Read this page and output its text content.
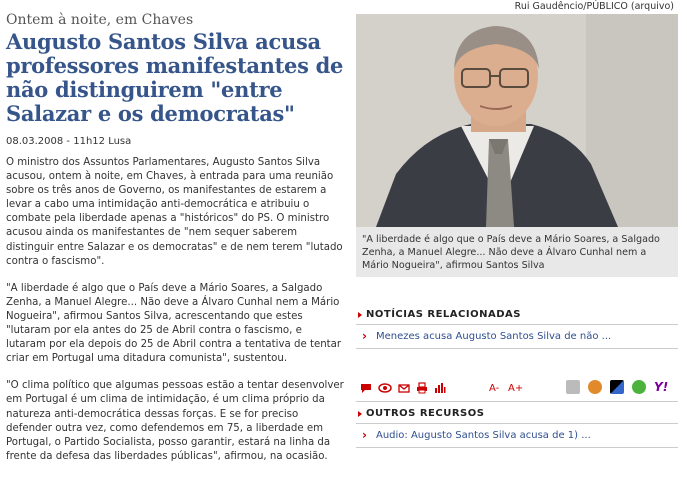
Ontem à noite, em Chaves
Augusto Santos Silva acusa professores manifestantes de não distinguirem "entre Salazar e os democratas"
08.03.2008 - 11h12 Lusa

O ministro dos Assuntos Parlamentares, Augusto Santos Silva acusou, ontem à noite, em Chaves, à entrada para uma reunião sobre os três anos de Governo, os manifestantes de estarem a levar a cabo uma intimidação anti-democrática e atribuiu o combate pela liberdade apenas a "históricos" do PS. O ministro acusou ainda os manifestantes de "nem sequer saberem distinguir entre Salazar e os democratas" e de nem terem "lutado contra o fascismo".

"A liberdade é algo que o País deve a Mário Soares, a Salgado Zenha, a Manuel Alegre... Não deve a Álvaro Cunhal nem a Mário Nogueira", afirmou Santos Silva, acrescentando que estes "lutaram por ela antes do 25 de Abril contra o fascismo, e lutaram por ela depois do 25 de Abril contra a tentativa de tentar criar em Portugal uma ditadura comunista", sustentou.

"O clima político que algumas pessoas estão a tentar desenvolver em Portugal é um clima de intimidação, é um clima próprio da natureza anti-democrática dessas forças. E se for preciso defender outra vez, como defendemos em 75, a liberdade em Portugal, o Partido Socialista, posso garantir, estará na linha da frente da defesa das liberdades públicas", afirmou, na ocasião.

Rui Gaudêncio/PÚBLICO (arquivo)
"A liberdade é algo que o País deve a Mário Soares, a Salgado Zenha, a Manuel Alegre... Não deve a Álvaro Cunhal nem a Mário Nogueira", afirmou Santos Silva
NOTÍCIAS RELACIONADAS
› Menezes acusa Augusto Santos Silva de não ...
A- A+	Y!
OUTROS RECURSOS
› Audio: Augusto Santos Silva acusa de 1) ...
